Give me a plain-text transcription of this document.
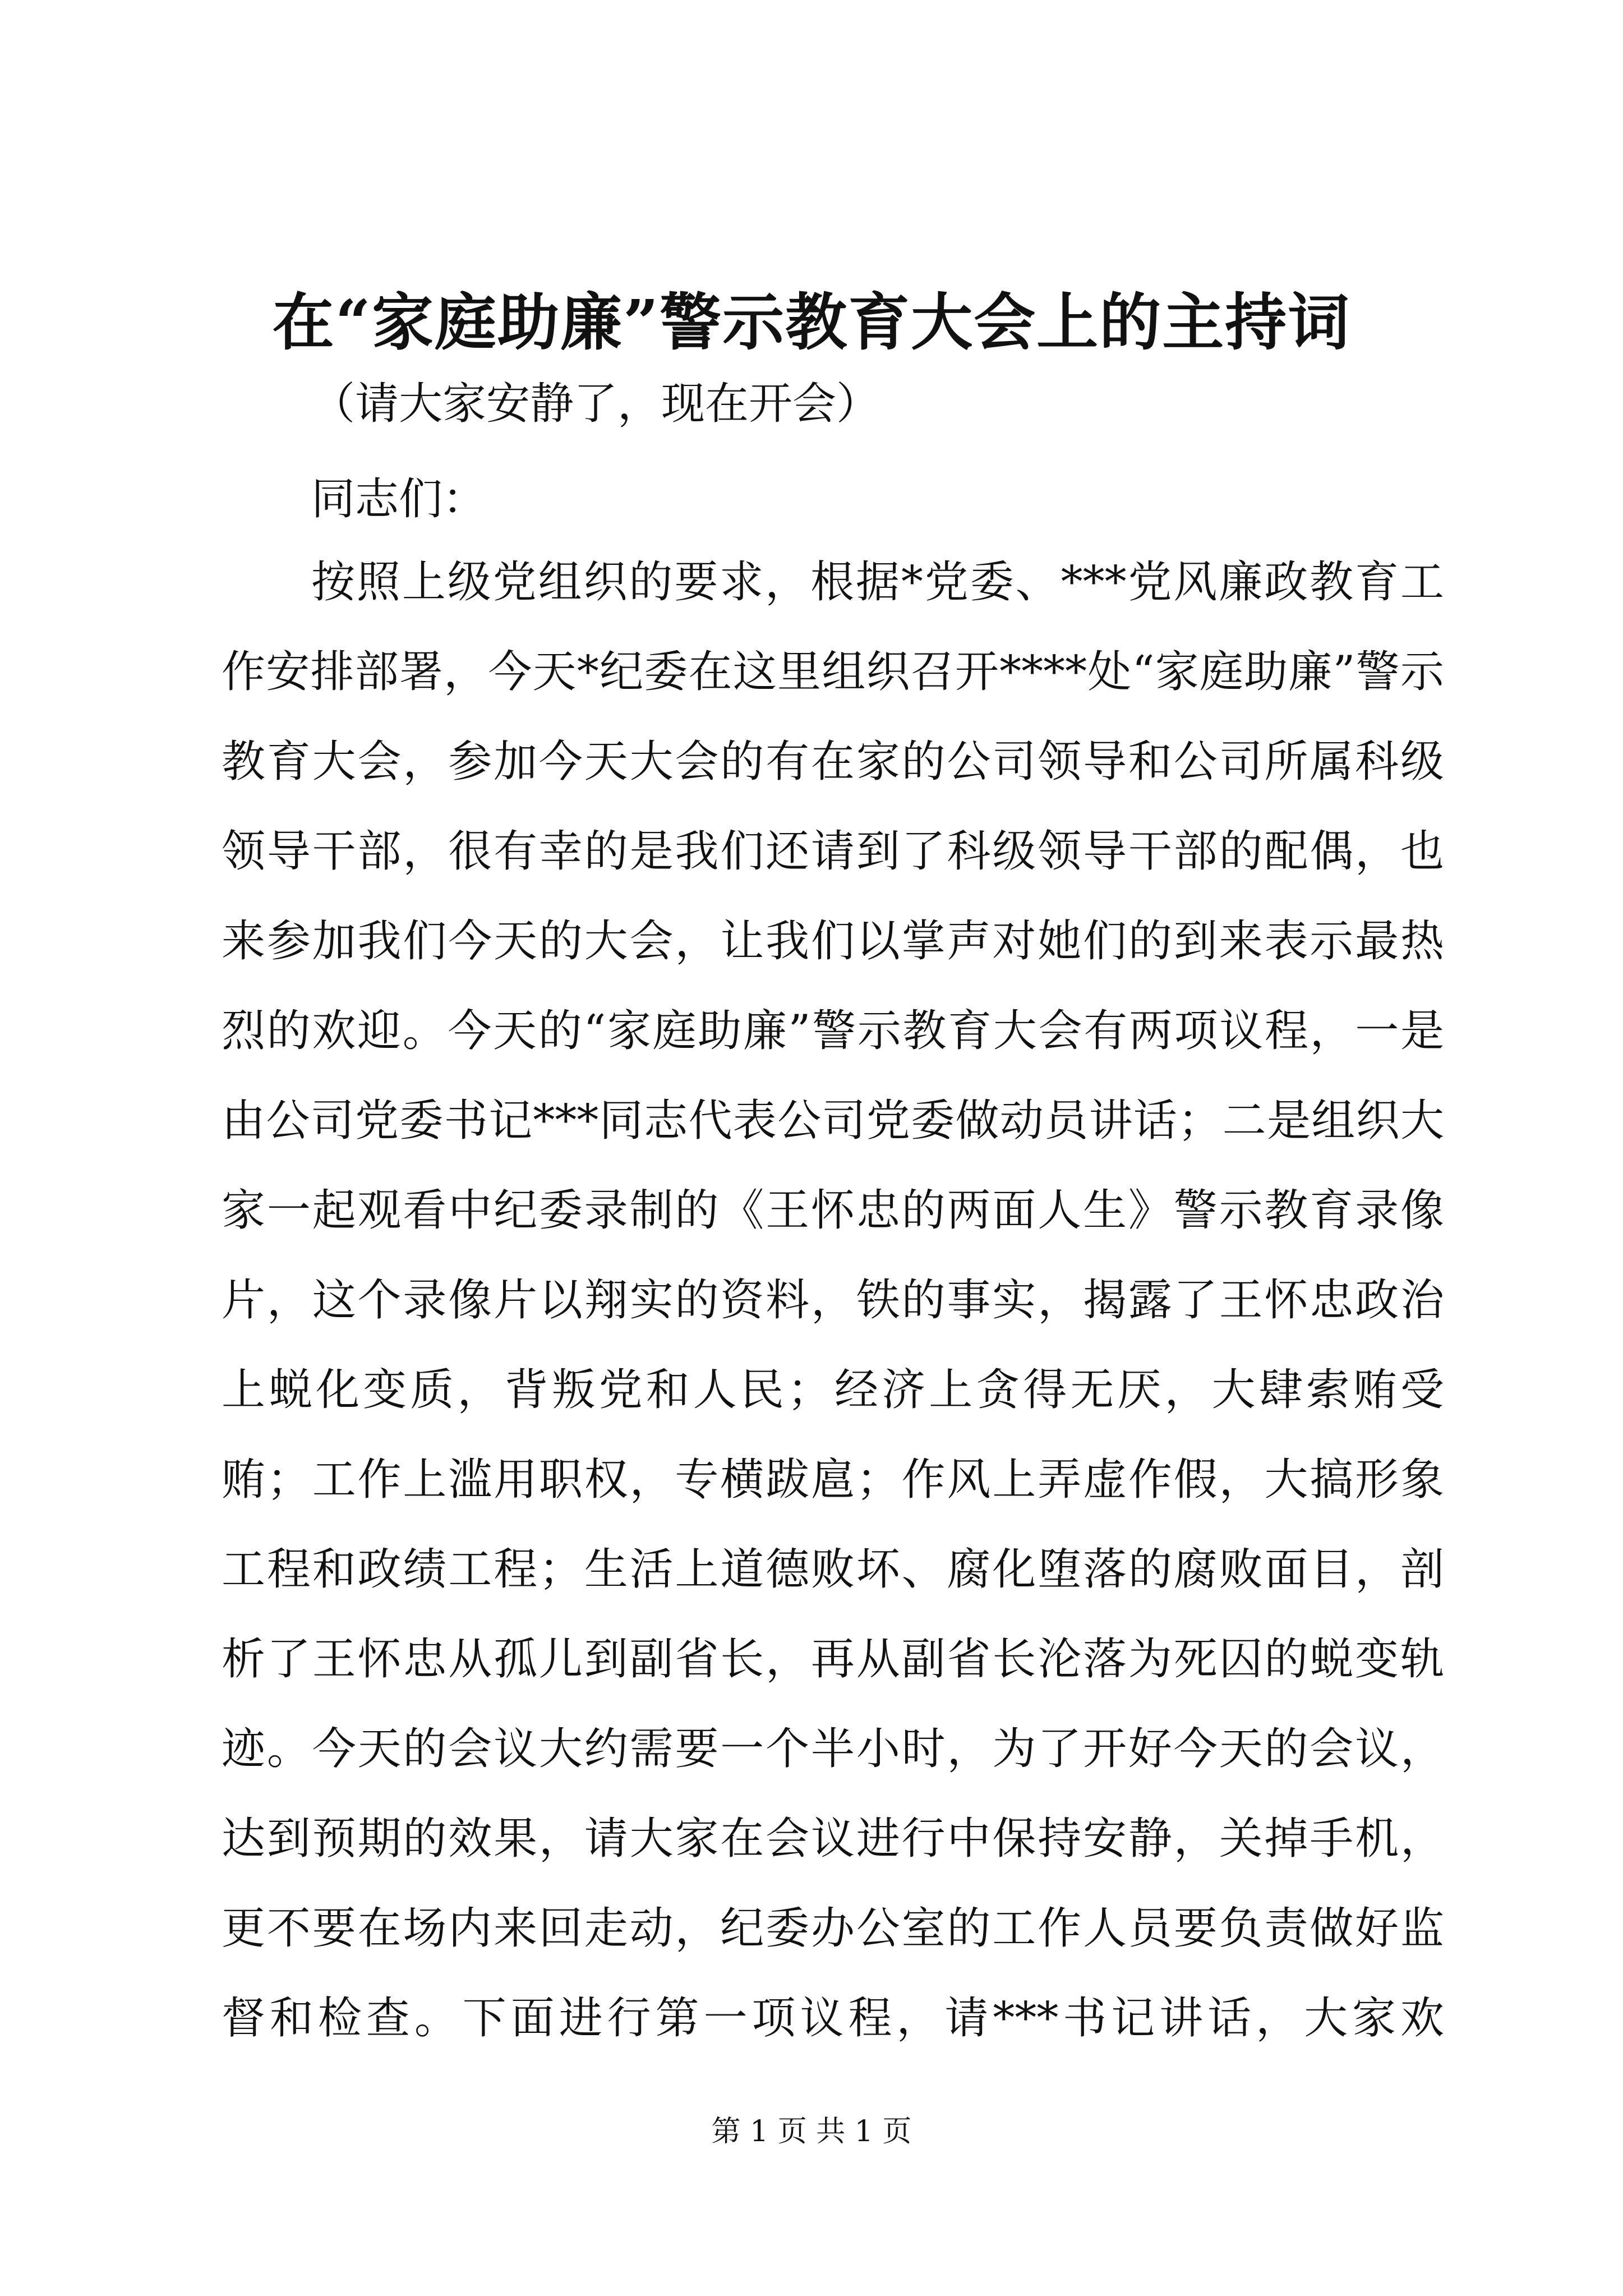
在“家庭助廉”警示教育大会上的主持词

（请大家安静了，现在开会）

同志们：

按照上级党组织的要求，根据*党委、***党风廉政教育工作安排部署，今天*纪委在这里组织召开****处“家庭助廉”警示教育大会，参加今天大会的有在家的公司领导和公司所属科级领导干部，很有幸的是我们还请到了科级领导干部的配偶，也来参加我们今天的大会，让我们以掌声对她们的到来表示最热烈的欢迎。今天的“家庭助廉”警示教育大会有两项议程，一是由公司党委书记***同志代表公司党委做动员讲话；二是组织大家一起观看中纪委录制的《王怀忠的两面人生》警示教育录像片，这个录像片以翔实的资料，铁的事实，揭露了王怀忠政治上蜕化变质，背叛党和人民；经济上贪得无厌，大肆索贿受贿；工作上滥用职权，专横跋扈；作风上弄虚作假，大搞形象工程和政绩工程；生活上道德败坏、腐化堕落的腐败面目，剖析了王怀忠从孤儿到副省长，再从副省长沦落为死囚的蜕变轨迹。今天的会议大约需要一个半小时，为了开好今天的会议，达到预期的效果，请大家在会议进行中保持安静，关掉手机，更不要在场内来回走动，纪委办公室的工作人员要负责做好监督和检查。下面进行第一项议程，请***书记讲话，大家欢

第 1 页 共 1 页
